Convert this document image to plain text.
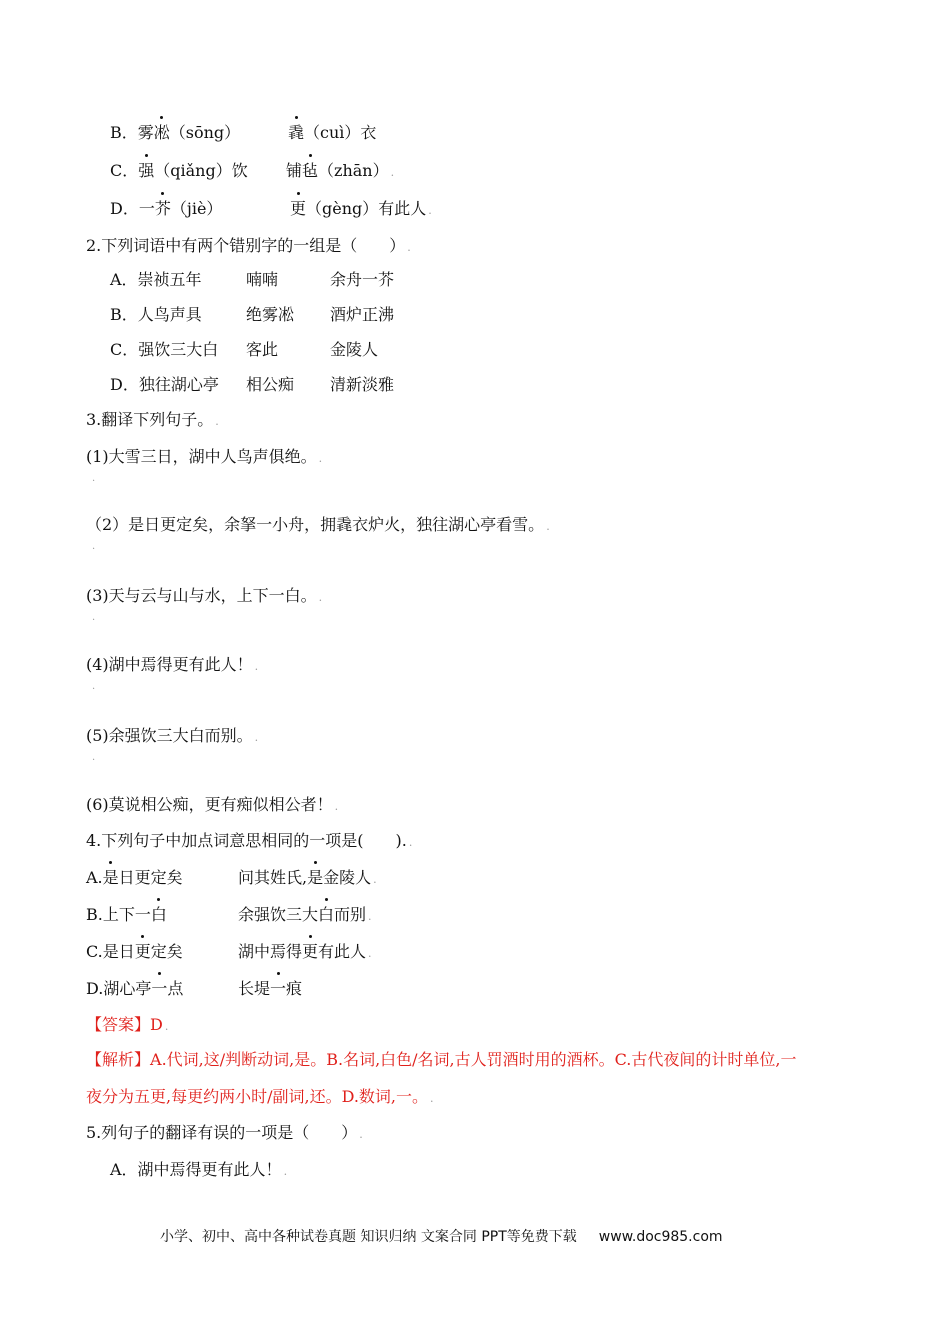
B．雾凇（sōng）	毳（cuì）衣
C．强（qiǎng）饮 铺毡（zhān） .
D．一芥（jiè）	更（gèng）有此人 .
2.下列词语中有两个错别字的一组是（　　） .
A．崇祯五年	喃喃	余舟一芥
B．人鸟声具	绝雾凇 酒炉正沸
C．强饮三大白 客此	金陵人
D．独往湖心亭 相公痴 清新淡雅
3.翻译下列句子。 .
(1)大雪三日，湖中人鸟声俱绝。 .
.
（2）是日更定矣，余拏一小舟，拥毳衣炉火，独往湖心亭看雪。 .
.
(3)天与云与山与水，上下一白。 .
.
(4)湖中焉得更有此人！ .
.
(5)余强饮三大白而别。 .
.
(6)莫说相公痴，更有痴似相公者！ .
4.下列句子中加点词意思相同的一项是(　　). .
A.是日更定矣	问其姓氏,是金陵人 .
B.上下一白	余强饮三大白而别 .
C.是日更定矣	湖中焉得更有此人 .
D.湖心亭一点	长堤一痕
【答案】D .
【解析】A.代词,这/判断动词,是。B.名词,白色/名词,古人罚酒时用的酒杯。C.古代夜间的计时单位,一
夜分为五更,每更约两小时/副词,还。D.数词,一。 .
5.列句子的翻译有误的一项是（　　） .
A．湖中焉得更有此人！ .
小学、初中、高中各种试卷真题 知识归纳 文案合同 PPT等免费下载 www.doc985.com
